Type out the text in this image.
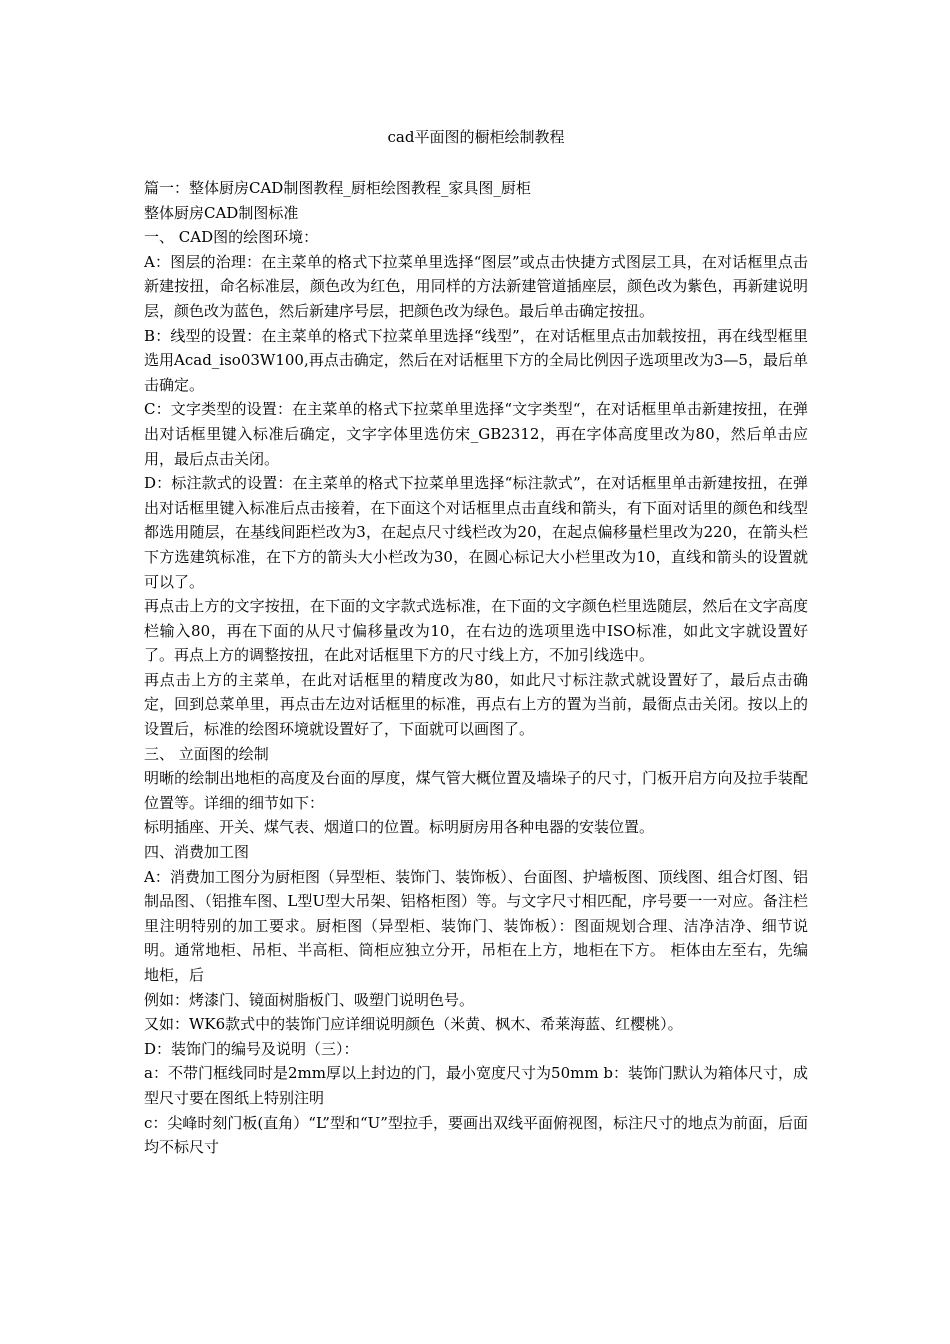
cad平面图的橱柜绘制教程

篇一：整体厨房CAD制图教程_厨柜绘图教程_家具图_厨柜

整体厨房CAD制图标准

一、 CAD图的绘图环境：

A：图层的治理：在主菜单的格式下拉菜单里选择“图层”或点击快捷方式图层工具，在对话框里点击新建按扭，命名标准层，颜色改为红色，用同样的方法新建管道插座层，颜色改为紫色，再新建说明层，颜色改为蓝色，然后新建序号层，把颜色改为绿色。最后单击确定按扭。

B：线型的设置：在主菜单的格式下拉菜单里选择“线型”，在对话框里点击加载按扭，再在线型框里选用Acad_iso03W100,再点击确定，然后在对话框里下方的全局比例因子选项里改为3—5，最后单击确定。

C：文字类型的设置：在主菜单的格式下拉菜单里选择“文字类型“，在对话框里单击新建按扭，在弹出对话框里键入标准后确定，文字字体里选仿宋_GB2312，再在字体高度里改为80，然后单击应用，最后点击关闭。

D：标注款式的设置：在主菜单的格式下拉菜单里选择“标注款式”，在对话框里单击新建按扭，在弹出对话框里键入标准后点击接着，在下面这个对话框里点击直线和箭头，有下面对话里的颜色和线型都选用随层，在基线间距栏改为3，在起点尺寸线栏改为20，在起点偏移量栏里改为220，在箭头栏下方选建筑标准，在下方的箭头大小栏改为30，在圆心标记大小栏里改为10，直线和箭头的设置就可以了。

再点击上方的文字按扭，在下面的文字款式选标准，在下面的文字颜色栏里选随层，然后在文字高度栏输入80，再在下面的从尺寸偏移量改为10，在右边的选项里选中ISO标准，如此文字就设置好了。再点上方的调整按扭，在此对话框里下方的尺寸线上方，不加引线选中。

再点击上方的主菜单，在此对话框里的精度改为80，如此尺寸标注款式就设置好了，最后点击确定，回到总菜单里，再点击左边对话框里的标准，再点右上方的置为当前，最衙点击关闭。按以上的设置后，标准的绘图环境就设置好了，下面就可以画图了。

三、 立面图的绘制

明晰的绘制出地柜的高度及台面的厚度，煤气管大概位置及墙垛子的尺寸，门板开启方向及拉手装配位置等。详细的细节如下：

标明插座、开关、煤气表、烟道口的位置。标明厨房用各种电器的安装位置。

四、消费加工图

A：消费加工图分为厨柜图（异型柜、装饰门、装饰板）、台面图、护墙板图、顶线图、组合灯图、铝制品图、（铝推车图、L型U型大吊架、铝格柜图）等。与文字尺寸相匹配，序号要一一对应。备注栏里注明特别的加工要求。厨柜图（异型柜、装饰门、装饰板）：图面规划合理、洁净洁净、细节说明。通常地柜、吊柜、半高柜、筒柜应独立分开，吊柜在上方，地柜在下方。 柜体由左至右，先编地柜，后

例如：烤漆门、镜面树脂板门、吸塑门说明色号。

又如：WK6款式中的装饰门应详细说明颜色（米黄、枫木、希莱海蓝、红樱桃）。

D：装饰门的编号及说明（三）：

a：不带门框线同时是2mm厚以上封边的门，最小宽度尺寸为50mm b：装饰门默认为箱体尺寸，成型尺寸要在图纸上特别注明

c：尖峰时刻门板(直角）“L”型和“U”型拉手，要画出双线平面俯视图，标注尺寸的地点为前面，后面均不标尺寸
